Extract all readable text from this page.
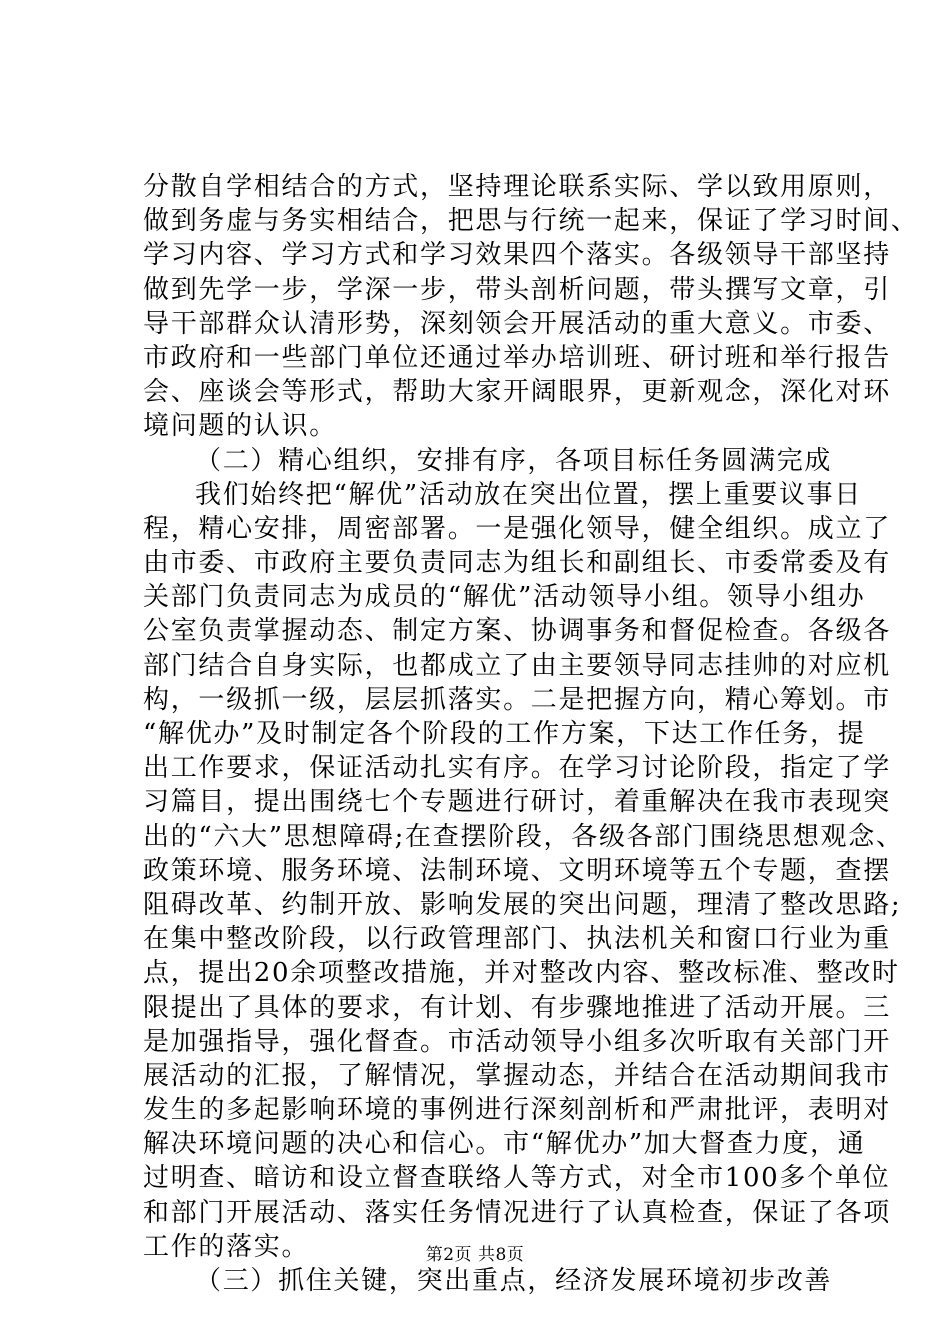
分散自学相结合的方式，坚持理论联系实际、学以致用原则，
做到务虚与务实相结合，把思与行统一起来，保证了学习时间、
学习内容、学习方式和学习效果四个落实。各级领导干部坚持
做到先学一步，学深一步，带头剖析问题，带头撰写文章，引
导干部群众认清形势，深刻领会开展活动的重大意义。市委、
市政府和一些部门单位还通过举办培训班、研讨班和举行报告
会、座谈会等形式，帮助大家开阔眼界，更新观念，深化对环
境问题的认识。
（二）精心组织，安排有序，各项目标任务圆满完成
我们始终把“解优”活动放在突出位置，摆上重要议事日
程，精心安排，周密部署。一是强化领导，健全组织。成立了
由市委、市政府主要负责同志为组长和副组长、市委常委及有
关部门负责同志为成员的“解优”活动领导小组。领导小组办
公室负责掌握动态、制定方案、协调事务和督促检查。各级各
部门结合自身实际，也都成立了由主要领导同志挂帅的对应机
构，一级抓一级，层层抓落实。二是把握方向，精心筹划。市
“解优办”及时制定各个阶段的工作方案，下达工作任务，提
出工作要求，保证活动扎实有序。在学习讨论阶段，指定了学
习篇目，提出围绕七个专题进行研讨，着重解决在我市表现突
出的“六大”思想障碍;在查摆阶段，各级各部门围绕思想观念、
政策环境、服务环境、法制环境、文明环境等五个专题，查摆
阻碍改革、约制开放、影响发展的突出问题，理清了整改思路;
在集中整改阶段，以行政管理部门、执法机关和窗口行业为重
点，提出20余项整改措施，并对整改内容、整改标准、整改时
限提出了具体的要求，有计划、有步骤地推进了活动开展。三
是加强指导，强化督查。市活动领导小组多次听取有关部门开
展活动的汇报，了解情况，掌握动态，并结合在活动期间我市
发生的多起影响环境的事例进行深刻剖析和严肃批评，表明对
解决环境问题的决心和信心。市“解优办”加大督查力度，通
过明查、暗访和设立督查联络人等方式，对全市100多个单位
和部门开展活动、落实任务情况进行了认真检查，保证了各项
工作的落实。
（三）抓住关键，突出重点，经济发展环境初步改善
第2页 共8页
